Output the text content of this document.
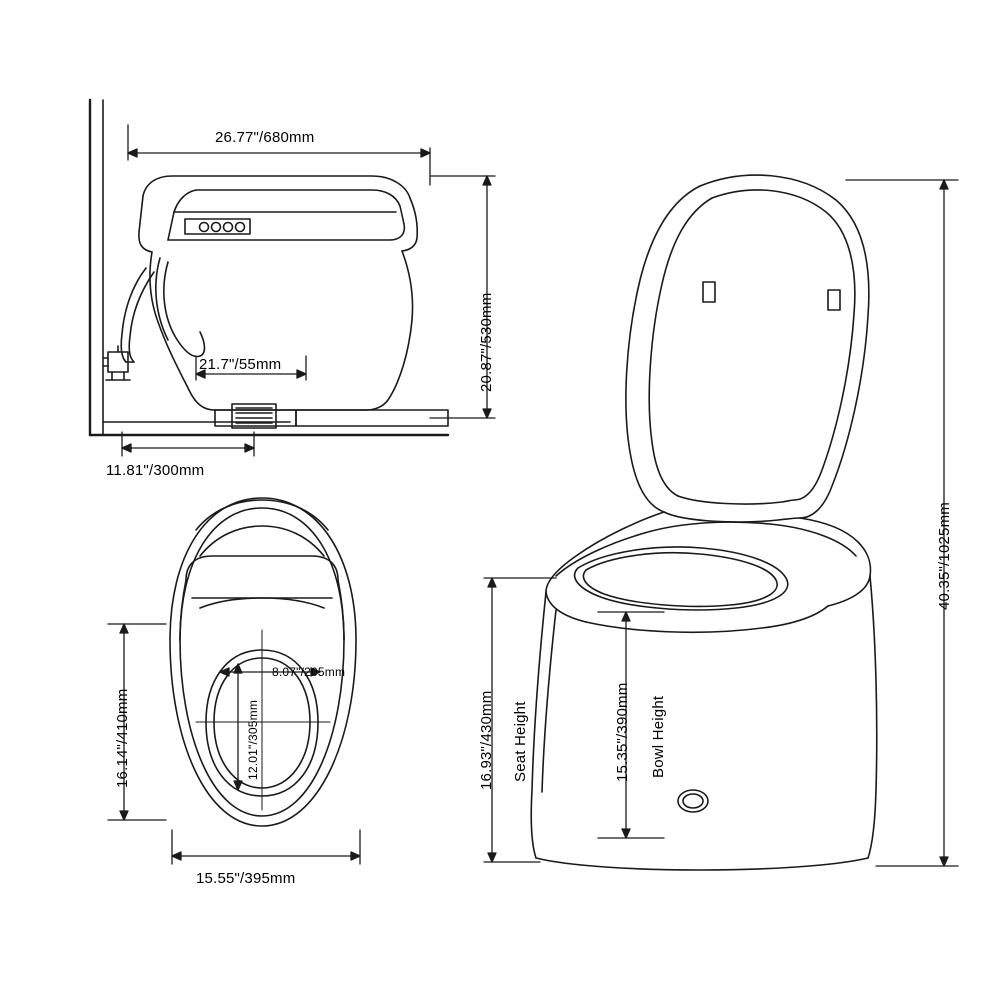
26.77"/680mm
20.87"/530mm
21.7"/55mm
11.81"/300mm
16.14"/410mm
8.07"/205mm
12.01"/305mm
15.55"/395mm
40.35"/1025mm
16.93"/430mm Seat Height	15.35"/390mm Bowl Height
